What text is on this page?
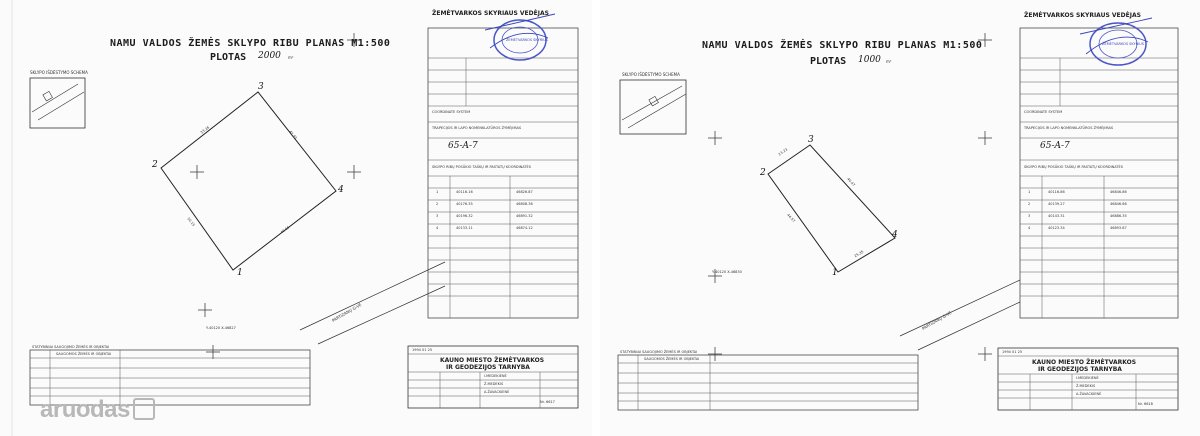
NAMU VALDOS ŽEMĖS SKLYPO RIBU PLANAS M1:500
PLOTAS 2000 m²
SKLYPO IŠDĖSTYMO SCHEMA
ŽEMĖTVARKOS SKYRIAUS VEDĖJAS
ŽEMĖTVARKOS SKYRIUS
COORDINATE SYSTEM
TRAPECIJOS IR LAPO NOMENKLATŪROS ŽYMĖJIMAS
65-A-7
SKLYPO RIBŲ POSŪKIO TAŠKŲ IR PASTATŲ KOORDINATĖS
1	40116.16	46826.87
2	40176.35	46808.36
3	40196.32	46891.32
4	40133.11	46874.12
1
2
3
4
33.26	41.93
40.66
50.15
Y-40120 X-46827
PARTIZANŲ G-VĖ
STATYBINIAI SAUGOJIMO ŽEMĖS IR OBJEKTAI
SAUGOMOS ŽEMĖS IR OBJEKTAI
KAUNO MIESTO ŽEMĖTVARKOS
IR GEODEZIJOS TARNYBA
1994 01 25
I.MEDEKIENĖ
Ž.MEDEKIS
A.ŽAVACKIENĖ
Nr. 6617
aruodas
NAMU VALDOS ŽEMĖS SKLYPO RIBU PLANAS M1:500
PLOTAS 1000 m²
SKLYPO IŠDĖSTYMO SCHEMA
ŽEMĖTVARKOS SKYRIAUS VEDĖJAS
ŽEMĖTVARKOS SKYRIUS
COORDINATE SYSTEM
TRAPECIJOS IR LAPO NOMENKLATŪROS ŽYMĖJIMAS
65-A-7
SKLYPO RIBŲ POSŪKIO TAŠKŲ IR PASTATŲ KOORDINATĖS
1	40116.86	46846.86
2	40139.27	46846.66
3	40143.31	46886.35
4	40123.34	46893.87
1
2
3
4
23.23
40.47
25.35
44.57
Y-40120 X-46830
PARTIZANŲ G-VĖ
STATYBINIAI SAUGOJIMO ŽEMĖS IR OBJEKTAI
SAUGOMOS ŽEMĖS IR OBJEKTAI	KAUNO MIESTO ŽEMĖTVARKOS
IR GEODEZIJOS TARNYBA
1994 01 25
I.MEDEKIENĖ
Ž.MEDEKIS
A.ŽAVACKIENĖ
Nr. 6618
